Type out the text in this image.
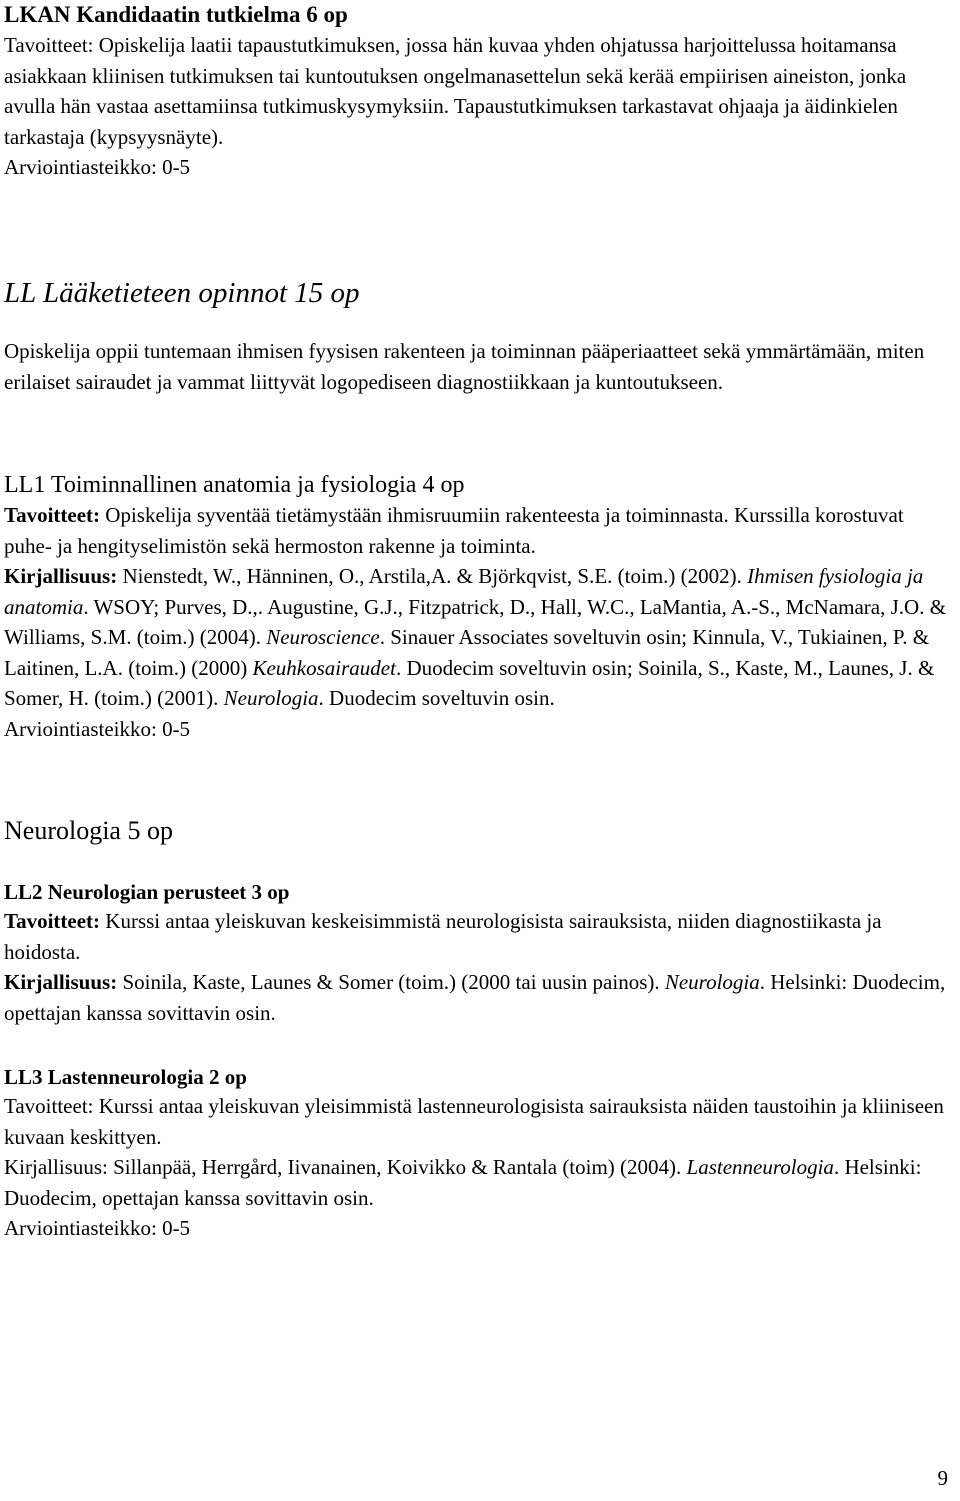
LKAN Kandidaatin tutkielma 6 op

Tavoitteet: Opiskelija laatii tapaustutkimuksen, jossa hän kuvaa yhden ohjatussa harjoittelussa hoitamansa asiakkaan kliinisen tutkimuksen tai kuntoutuksen ongelmanasettelun sekä kerää empiirisen aineiston, jonka avulla hän vastaa asettamiinsa tutkimuskysymyksiin. Tapaustutkimuksen tarkastavat ohjaaja ja äidinkielen tarkastaja (kypsyysnäyte).

Arviointiasteikko: 0-5

LL Lääketieteen opinnot 15 op

Opiskelija oppii tuntemaan ihmisen fyysisen rakenteen ja toiminnan pääperiaatteet sekä ymmärtämään, miten erilaiset sairaudet ja vammat liittyvät logopediseen diagnostiikkaan ja kuntoutukseen.

LL1 Toiminnallinen anatomia ja fysiologia 4 op

Tavoitteet: Opiskelija syventää tietämystään ihmisruumiin rakenteesta ja toiminnasta. Kurssilla korostuvat puhe- ja hengityselimistön sekä hermoston rakenne ja toiminta.

Kirjallisuus: Nienstedt, W., Hänninen, O., Arstila,A. & Björkqvist, S.E. (toim.) (2002). Ihmisen fysiologia ja anatomia. WSOY; Purves, D.,. Augustine, G.J., Fitzpatrick, D., Hall, W.C., LaMantia, A.-S., McNamara, J.O. & Williams, S.M. (toim.) (2004). Neuroscience. Sinauer Associates soveltuvin osin; Kinnula, V., Tukiainen, P. & Laitinen, L.A. (toim.) (2000) Keuhkosairaudet. Duodecim soveltuvin osin; Soinila, S., Kaste, M., Launes, J. & Somer, H. (toim.) (2001). Neurologia. Duodecim soveltuvin osin.

Arviointiasteikko: 0-5

Neurologia 5 op
LL2 Neurologian perusteet 3 op

Tavoitteet: Kurssi antaa yleiskuvan keskeisimmistä neurologisista sairauksista, niiden diagnostiikasta ja hoidosta.

Kirjallisuus: Soinila, Kaste, Launes & Somer (toim.) (2000 tai uusin painos). Neurologia. Helsinki: Duodecim, opettajan kanssa sovittavin osin.

LL3 Lastenneurologia 2 op

Tavoitteet: Kurssi antaa yleiskuvan yleisimmistä lastenneurologisista sairauksista näiden taustoihin ja kliiniseen kuvaan keskittyen.

Kirjallisuus: Sillanpää, Herrgård, Iivanainen, Koivikko & Rantala (toim) (2004). Lastenneurologia. Helsinki: Duodecim, opettajan kanssa sovittavin osin.

Arviointiasteikko: 0-5

9
